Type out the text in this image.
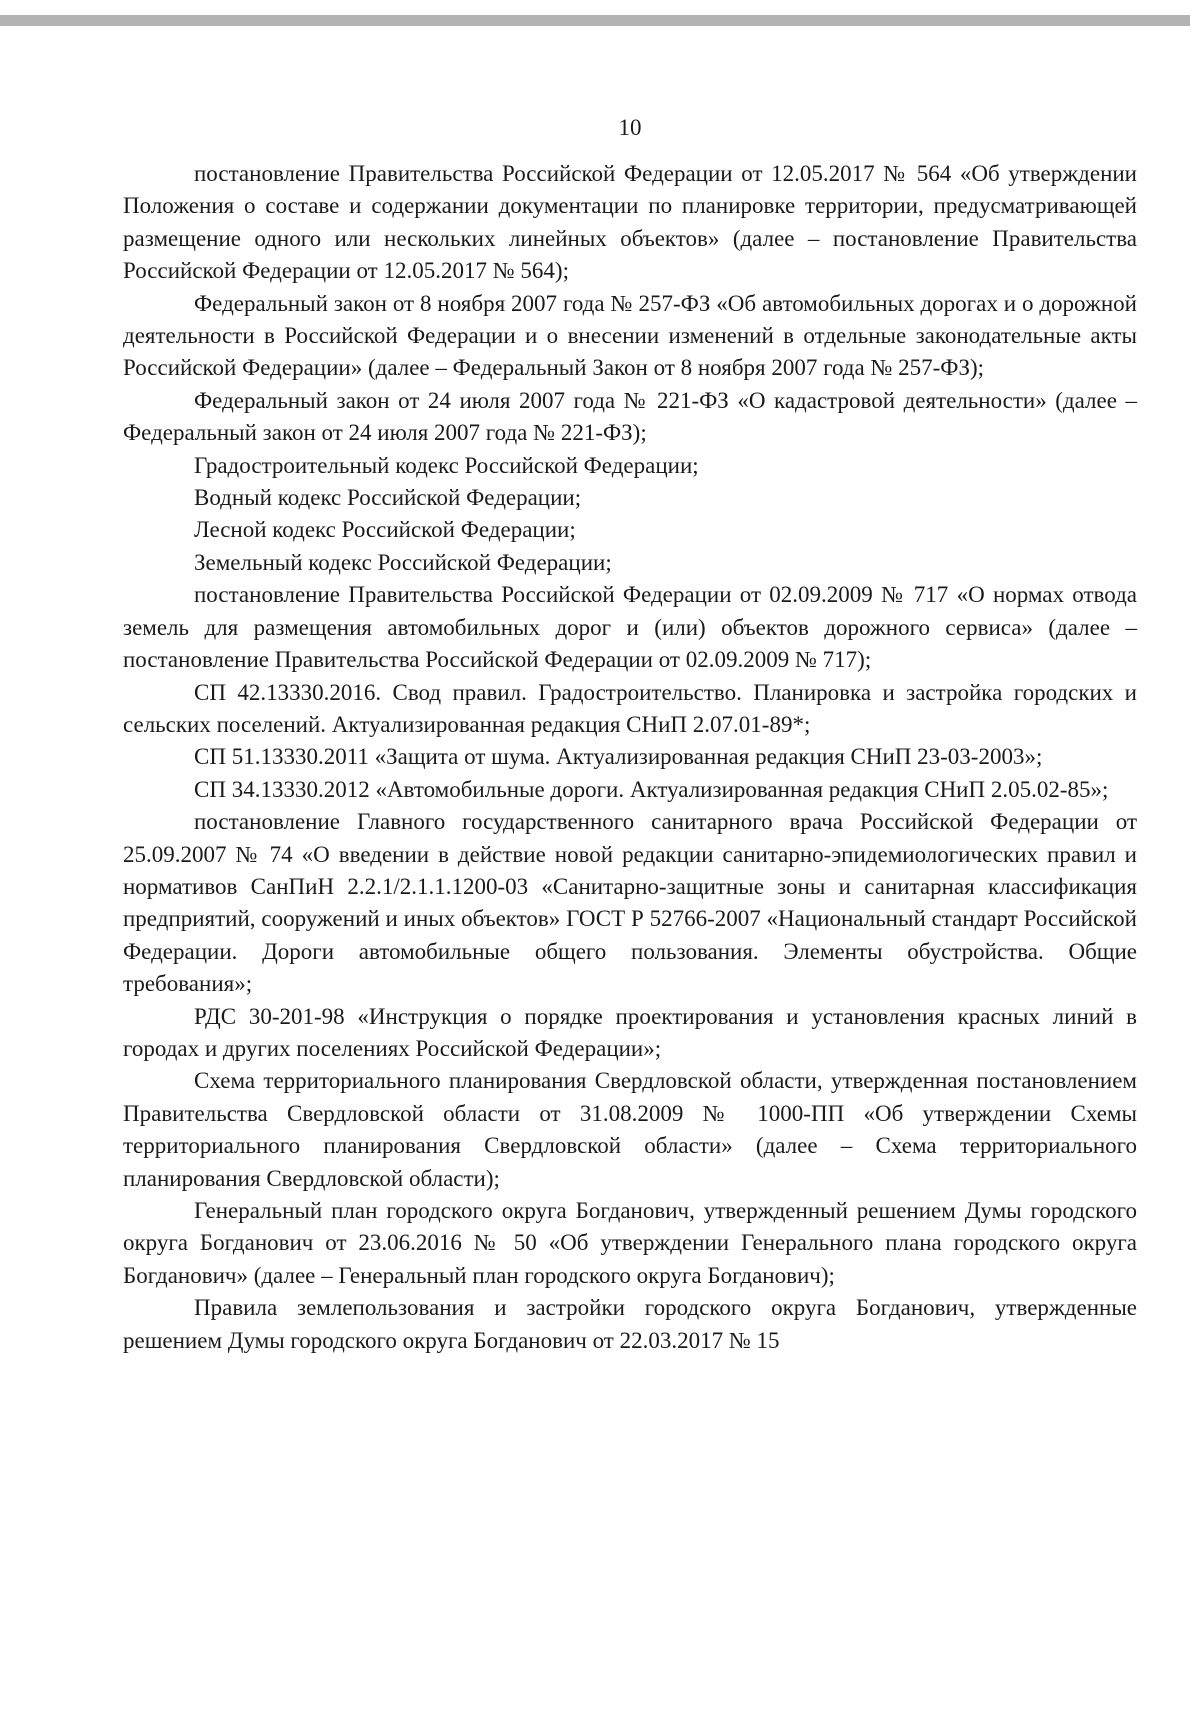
10

постановление Правительства Российской Федерации от 12.05.2017 № 564 «Об утверждении Положения о составе и содержании документации по планировке территории, предусматривающей размещение одного или нескольких линейных объектов» (далее – постановление Правительства Российской Федерации от 12.05.2017 № 564);

Федеральный закон от 8 ноября 2007 года № 257-ФЗ «Об автомобильных дорогах и о дорожной деятельности в Российской Федерации и о внесении изменений в отдельные законодательные акты Российской Федерации» (далее – Федеральный Закон от 8 ноября 2007 года № 257-ФЗ);

Федеральный закон от 24 июля 2007 года № 221-ФЗ «О кадастровой деятельности» (далее – Федеральный закон от 24 июля 2007 года № 221-ФЗ);

Градостроительный кодекс Российской Федерации;

Водный кодекс Российской Федерации;

Лесной кодекс Российской Федерации;

Земельный кодекс Российской Федерации;

постановление Правительства Российской Федерации от 02.09.2009 № 717 «О нормах отвода земель для размещения автомобильных дорог и (или) объектов дорожного сервиса» (далее – постановление Правительства Российской Федерации от 02.09.2009 № 717);

СП 42.13330.2016. Свод правил. Градостроительство. Планировка и застройка городских и сельских поселений. Актуализированная редакция СНиП 2.07.01-89*;

СП 51.13330.2011 «Защита от шума. Актуализированная редакция СНиП 23-03-2003»;

СП 34.13330.2012 «Автомобильные дороги. Актуализированная редакция СНиП 2.05.02-85»;

постановление Главного государственного санитарного врача Российской Федерации от 25.09.2007 № 74 «О введении в действие новой редакции санитарно-эпидемиологических правил и нормативов СанПиН 2.2.1/2.1.1.1200-03 «Санитарно-защитные зоны и санитарная классификация предприятий, сооружений и иных объектов» ГОСТ Р 52766-2007 «Национальный стандарт Российской Федерации. Дороги автомобильные общего пользования. Элементы обустройства. Общие требования»;

РДС 30-201-98 «Инструкция о порядке проектирования и установления красных линий в городах и других поселениях Российской Федерации»;

Схема территориального планирования Свердловской области, утвержденная постановлением Правительства Свердловской области от 31.08.2009 № 1000-ПП «Об утверждении Схемы территориального планирования Свердловской области» (далее – Схема территориального планирования Свердловской области);

Генеральный план городского округа Богданович, утвержденный решением Думы городского округа Богданович от 23.06.2016 № 50 «Об утверждении Генерального плана городского округа Богданович» (далее – Генеральный план городского округа Богданович);

Правила землепользования и застройки городского округа Богданович, утвержденные решением Думы городского округа Богданович от 22.03.2017 № 15
